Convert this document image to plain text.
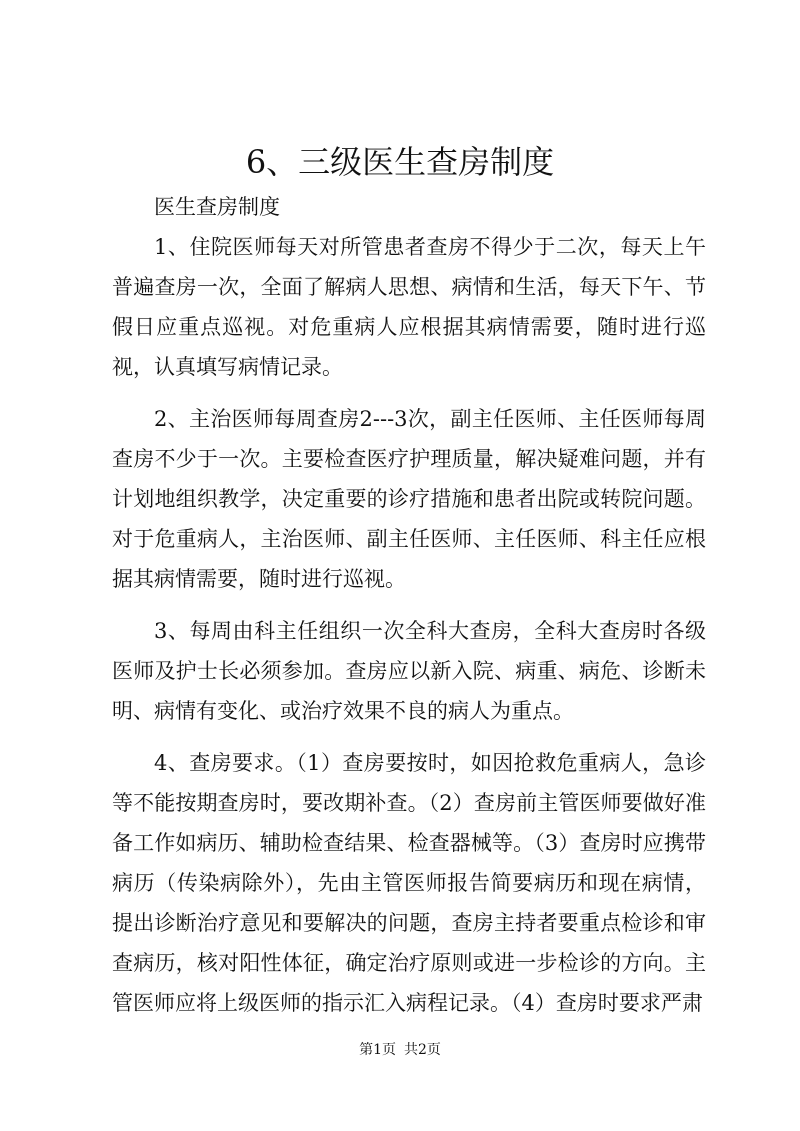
6、三级医生查房制度

医生查房制度

1、住院医师每天对所管患者查房不得少于二次，每天上午普遍查房一次，全面了解病人思想、病情和生活，每天下午、节假日应重点巡视。对危重病人应根据其病情需要，随时进行巡视，认真填写病情记录。

2、主治医师每周查房2---3次，副主任医师、主任医师每周查房不少于一次。主要检查医疗护理质量，解决疑难问题，并有计划地组织教学，决定重要的诊疗措施和患者出院或转院问题。对于危重病人，主治医师、副主任医师、主任医师、科主任应根据其病情需要，随时进行巡视。

3、每周由科主任组织一次全科大查房，全科大查房时各级医师及护士长必须参加。查房应以新入院、病重、病危、诊断未明、病情有变化、或治疗效果不良的病人为重点。

4、查房要求。（1）查房要按时，如因抢救危重病人，急诊等不能按期查房时，要改期补查。（2）查房前主管医师要做好准备工作如病历、辅助检查结果、检查器械等。（3）查房时应携带病历（传染病除外），先由主管医师报告简要病历和现在病情，提出诊断治疗意见和要解决的问题，查房主持者要重点检诊和审查病历，核对阳性体征，确定治疗原则或进一步检诊的方向。主管医师应将上级医师的指示汇入病程记录。（4）查房时要求严肃

第1页 共2页
